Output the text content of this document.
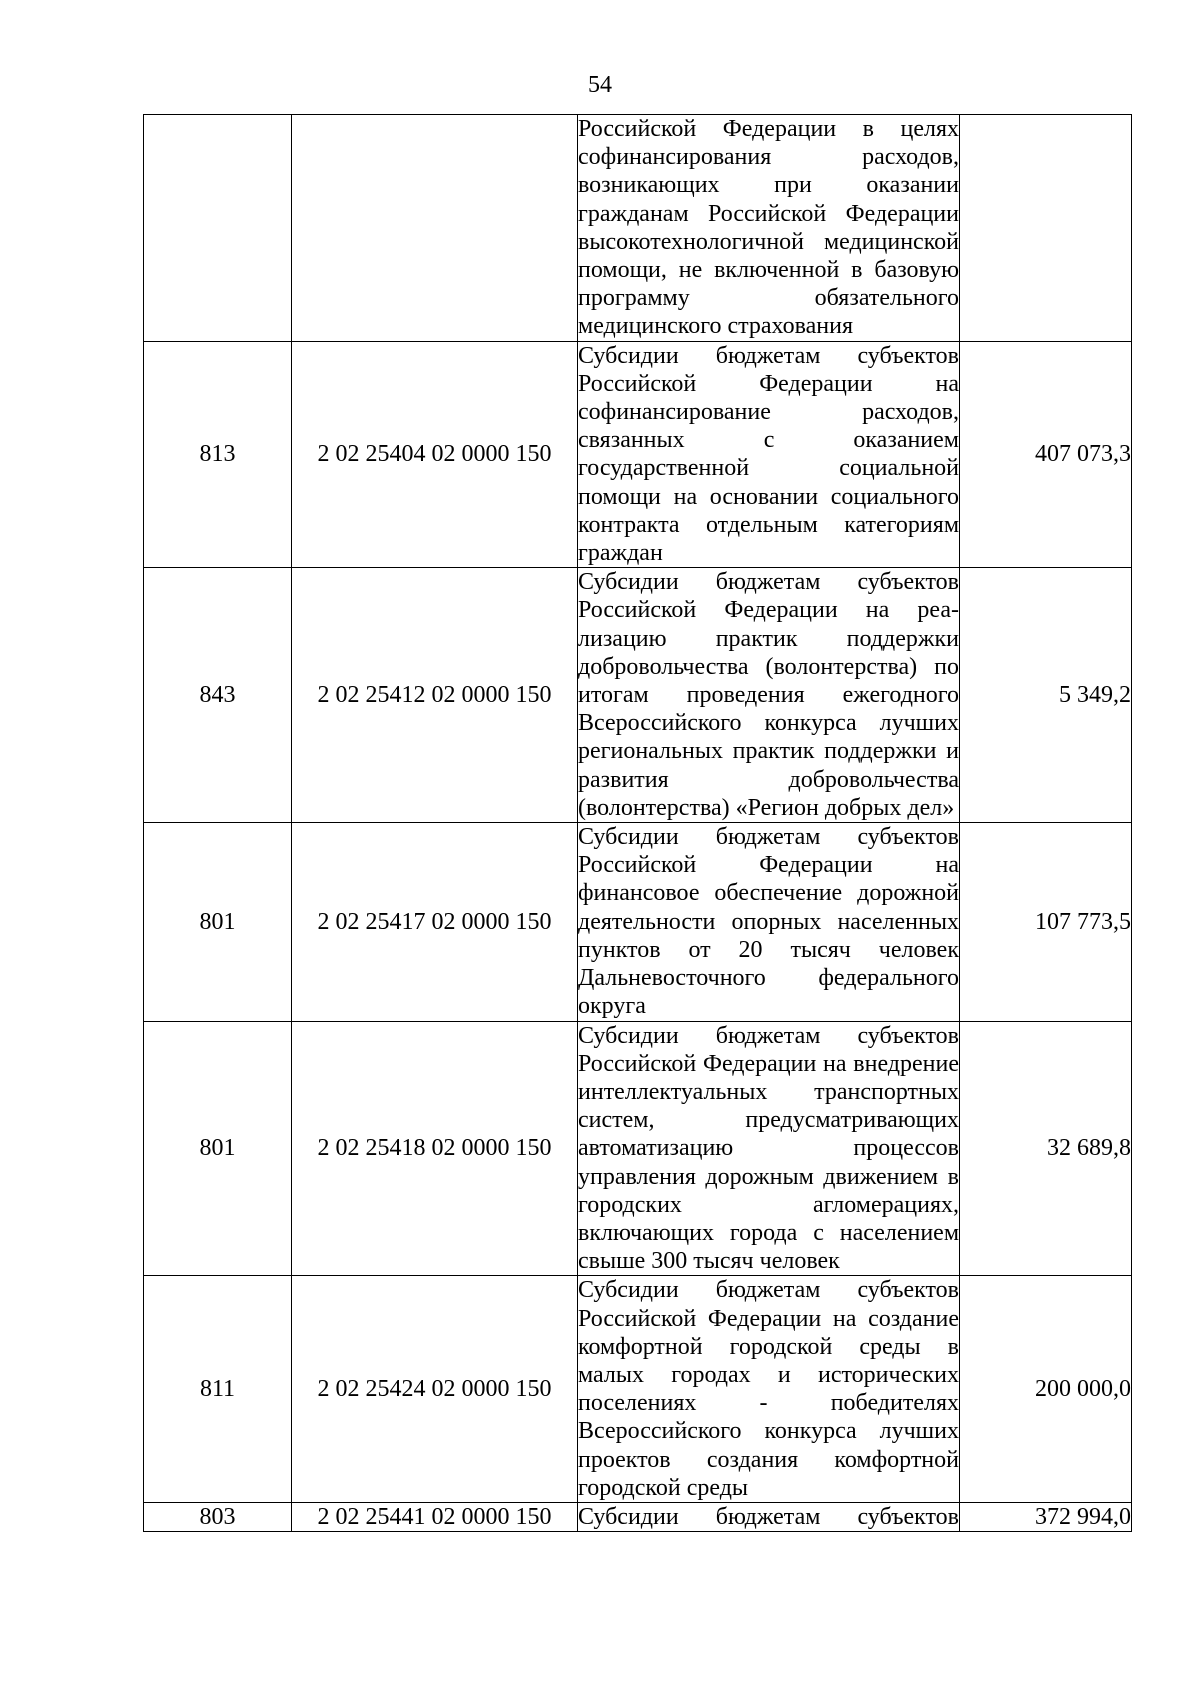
54
		Российской Федерации в целях софинансирования расходов, возникающих при оказании гражданам Российской Федерации высокотехнологичной медицинской помощи, не включенной в базовую программу обязательного медицинского страхования	
813	2 02 25404 02 0000 150	Субсидии бюджетам субъектов Российской Федерации на софинансирование расходов, связанных с оказанием государственной социальной помощи на основании социального контракта отдельным категориям граждан	407 073,3
843	2 02 25412 02 0000 150	Субсидии бюджетам субъектов Российской Федерации на реализацию практик поддержки добровольчества (волонтерства) по итогам проведения ежегодного Всероссийского конкурса лучших региональных практик поддержки и развития добровольчества (волонтерства) «Регион добрых дел»	5 349,2
801	2 02 25417 02 0000 150	Субсидии бюджетам субъектов Российской Федерации на финансовое обеспечение дорожной деятельности опорных населенных пунктов от 20 тысяч человек Дальневосточного федерального округа	107 773,5
801	2 02 25418 02 0000 150	Субсидии бюджетам субъектов Российской Федерации на внедрение интеллектуальных транспортных систем, предусматривающих автоматизацию процессов управления дорожным движением в городских агломерациях, включающих города с населением свыше 300 тысяч человек	32 689,8
811	2 02 25424 02 0000 150	Субсидии бюджетам субъектов Российской Федерации на создание комфортной городской среды в малых городах и исторических поселениях - победителях Всероссийского конкурса лучших проектов создания комфортной городской среды	200 000,0
803	2 02 25441 02 0000 150	Субсидии бюджетам субъектов	372 994,0
